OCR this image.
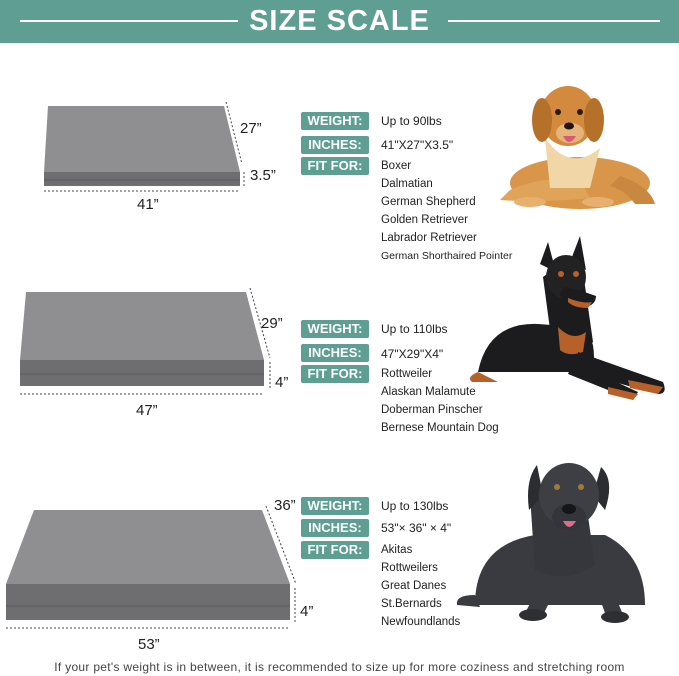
SIZE SCALE
27”
3.5”
41”
WEIGHT:	Up to 90lbs
INCHES:	41"X27"X3.5"
FIT FOR:	Boxer
Dalmatian
German Shepherd
Golden Retriever
Labrador Retriever
German Shorthaired Pointer
29”
4”
47”
WEIGHT:	Up to 110lbs
INCHES:	47"X29"X4"
FIT FOR:	Rottweiler
Alaskan Malamute
Doberman Pinscher
Bernese Mountain Dog
36”
4”
53”
WEIGHT:	Up to 130lbs
INCHES:	53"× 36" × 4"
FIT FOR:	Akitas
Rottweilers
Great Danes
St.Bernards
Newfoundlands
If your pet's weight is in between, it is recommended to size up for more coziness and stretching room
